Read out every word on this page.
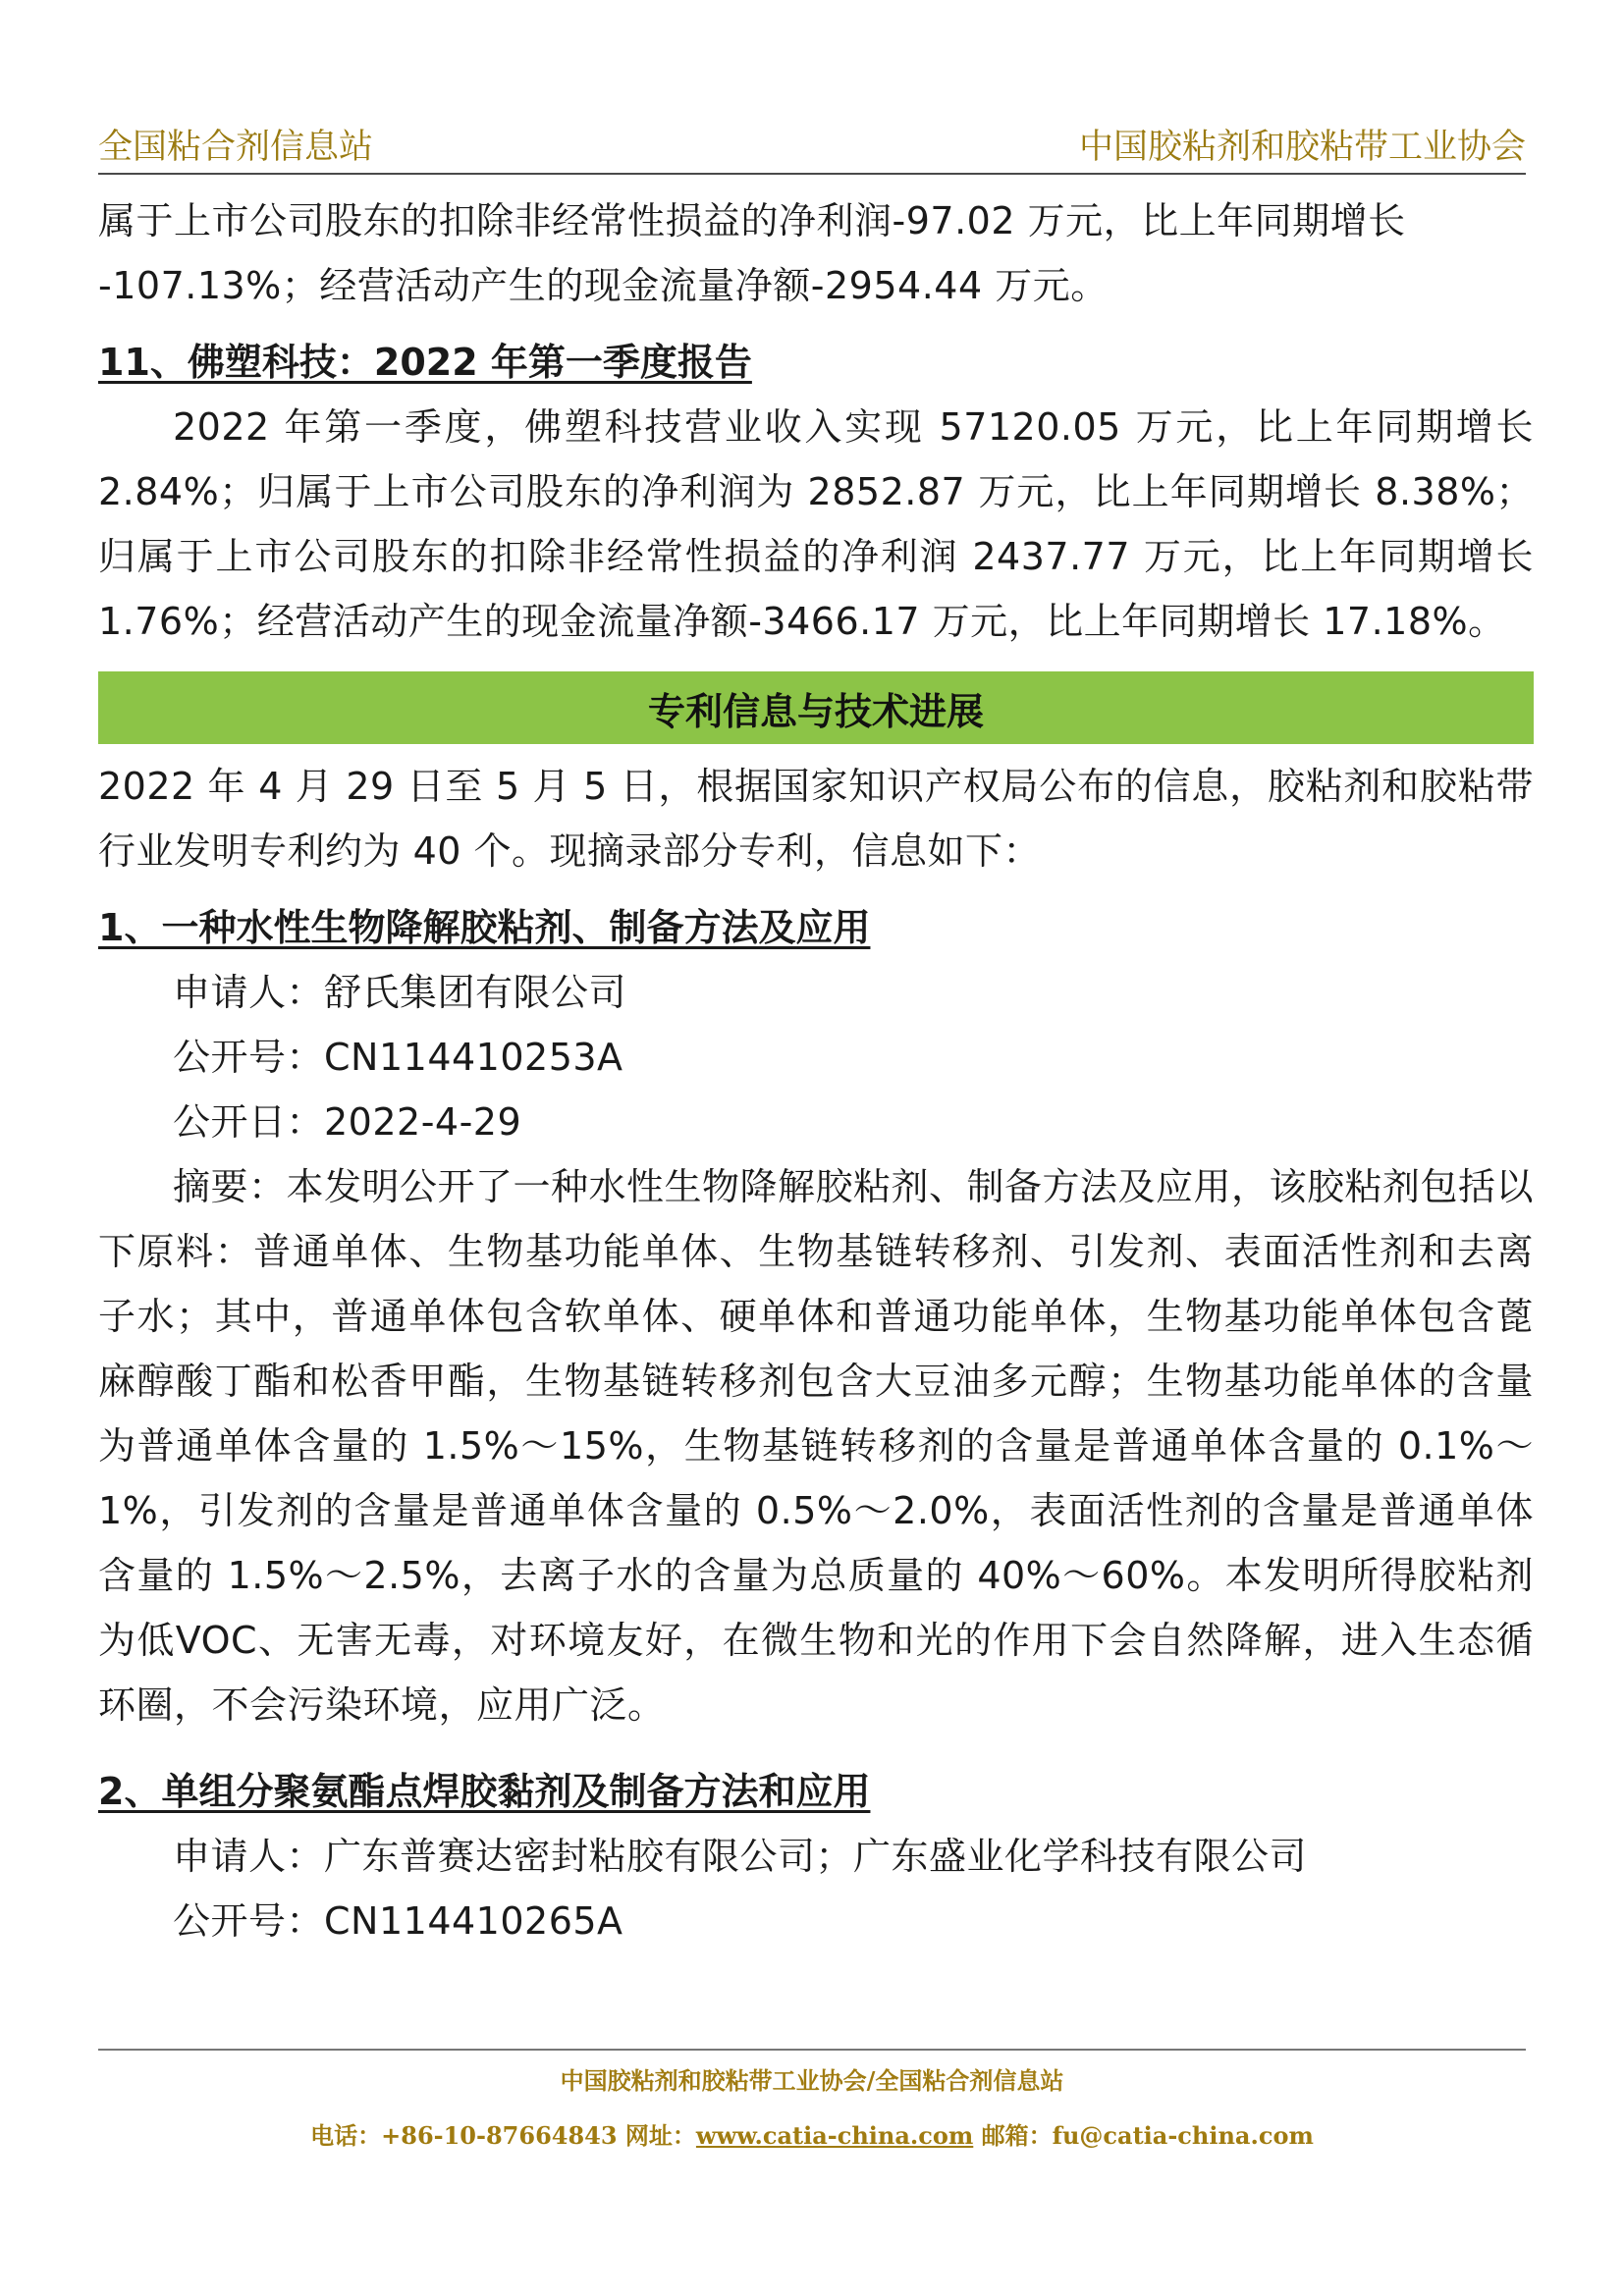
全国粘合剂信息站	中国胶粘剂和胶粘带工业协会

属于上市公司股东的扣除非经常性损益的净利润-97.02 万元，比上年同期增长

-107.13%；经营活动产生的现金流量净额-2954.44 万元。

11、佛塑科技：2022 年第一季度报告

2022 年第一季度，佛塑科技营业收入实现 57120.05 万元，比上年同期增长 2.84%；归属于上市公司股东的净利润为 2852.87 万元，比上年同期增长 8.38%；归属于上市公司股东的扣除非经常性损益的净利润 2437.77 万元，比上年同期增长 1.76%；经营活动产生的现金流量净额-3466.17 万元，比上年同期增长 17.18%。

专利信息与技术进展

2022 年 4 月 29 日至 5 月 5 日，根据国家知识产权局公布的信息，胶粘剂和胶粘带行业发明专利约为 40 个。现摘录部分专利，信息如下：

1、一种水性生物降解胶粘剂、制备方法及应用

申请人：舒氏集团有限公司

公开号：CN114410253A

公开日：2022-4-29

摘要：本发明公开了一种水性生物降解胶粘剂、制备方法及应用，该胶粘剂包括以下原料：普通单体、生物基功能单体、生物基链转移剂、引发剂、表面活性剂和去离子水；其中，普通单体包含软单体、硬单体和普通功能单体，生物基功能单体包含蓖麻醇酸丁酯和松香甲酯，生物基链转移剂包含大豆油多元醇；生物基功能单体的含量为普通单体含量的 1.5%～15%，生物基链转移剂的含量是普通单体含量的 0.1%～1%，引发剂的含量是普通单体含量的 0.5%～2.0%，表面活性剂的含量是普通单体含量的 1.5%～2.5%，去离子水的含量为总质量的 40%～60%。本发明所得胶粘剂为低VOC、无害无毒，对环境友好，在微生物和光的作用下会自然降解，进入生态循环圈，不会污染环境，应用广泛。

2、单组分聚氨酯点焊胶黏剂及制备方法和应用

申请人：广东普赛达密封粘胶有限公司；广东盛业化学科技有限公司

公开号：CN114410265A

中国胶粘剂和胶粘带工业协会/全国粘合剂信息站
电话：+86-10-87664843 网址：www.catia-china.com 邮箱：fu@catia-china.com
